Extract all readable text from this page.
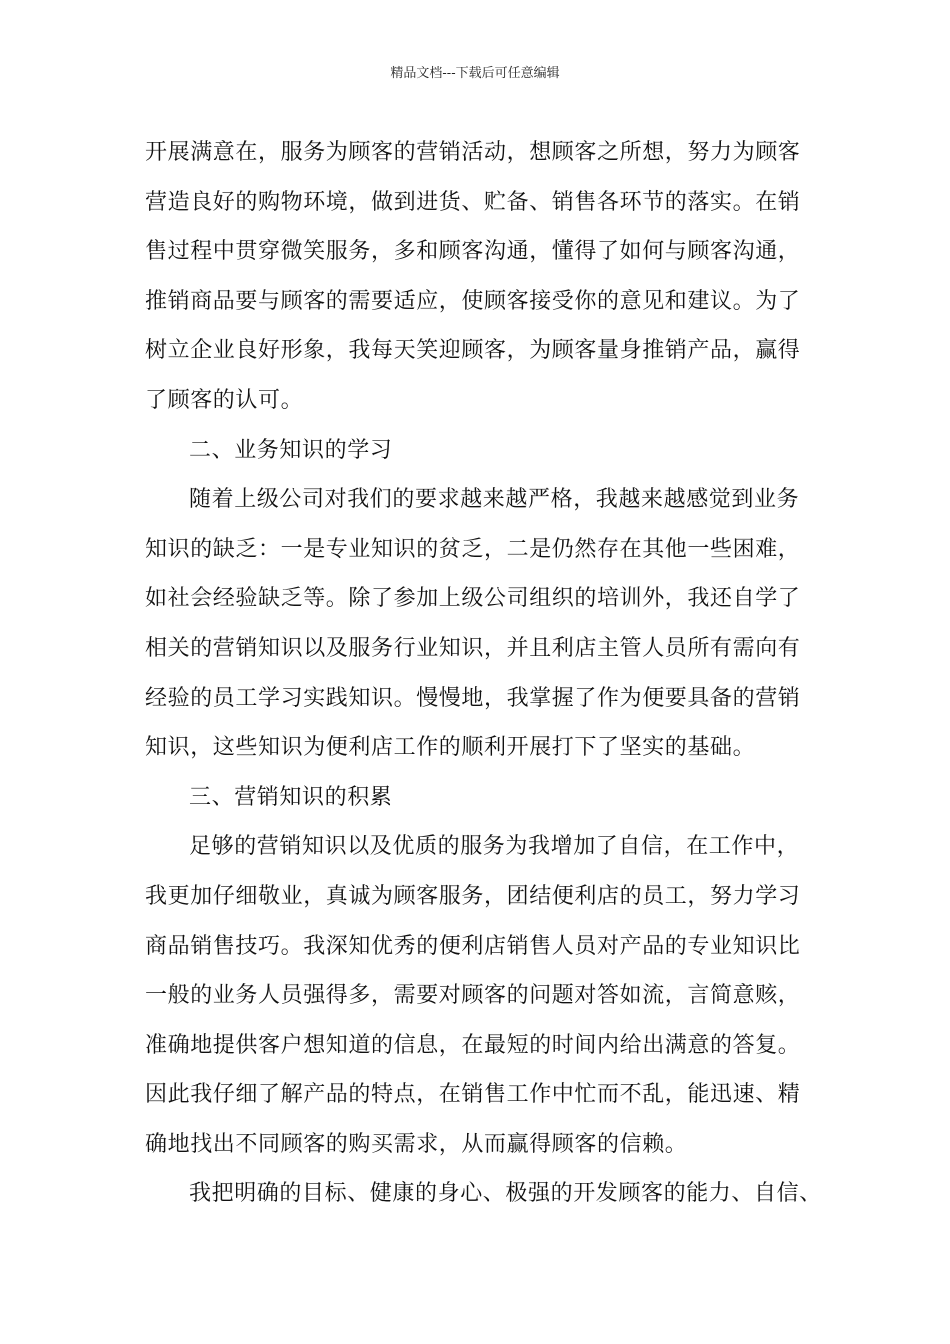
精品文档---下载后可任意编辑
开展满意在，服务为顾客的营销活动，想顾客之所想，努力为顾客
营造良好的购物环境，做到进货、贮备、销售各环节的落实。在销
售过程中贯穿微笑服务，多和顾客沟通，懂得了如何与顾客沟通，
推销商品要与顾客的需要适应，使顾客接受你的意见和建议。为了
树立企业良好形象，我每天笑迎顾客，为顾客量身推销产品，赢得
了顾客的认可。
二、业务知识的学习
随着上级公司对我们的要求越来越严格，我越来越感觉到业务
知识的缺乏：一是专业知识的贫乏，二是仍然存在其他一些困难，
如社会经验缺乏等。除了参加上级公司组织的培训外，我还自学了
相关的营销知识以及服务行业知识，并且利店主管人员所有需向有
经验的员工学习实践知识。慢慢地，我掌握了作为便要具备的营销
知识，这些知识为便利店工作的顺利开展打下了坚实的基础。
三、营销知识的积累
足够的营销知识以及优质的服务为我增加了自信，在工作中，
我更加仔细敬业，真诚为顾客服务，团结便利店的员工，努力学习
商品销售技巧。我深知优秀的便利店销售人员对产品的专业知识比
一般的业务人员强得多，需要对顾客的问题对答如流，言简意赅，
准确地提供客户想知道的信息，在最短的时间内给出满意的答复。
因此我仔细了解产品的特点，在销售工作中忙而不乱，能迅速、精
确地找出不同顾客的购买需求，从而赢得顾客的信赖。
我把明确的目标、健康的身心、极强的开发顾客的能力、自信、
